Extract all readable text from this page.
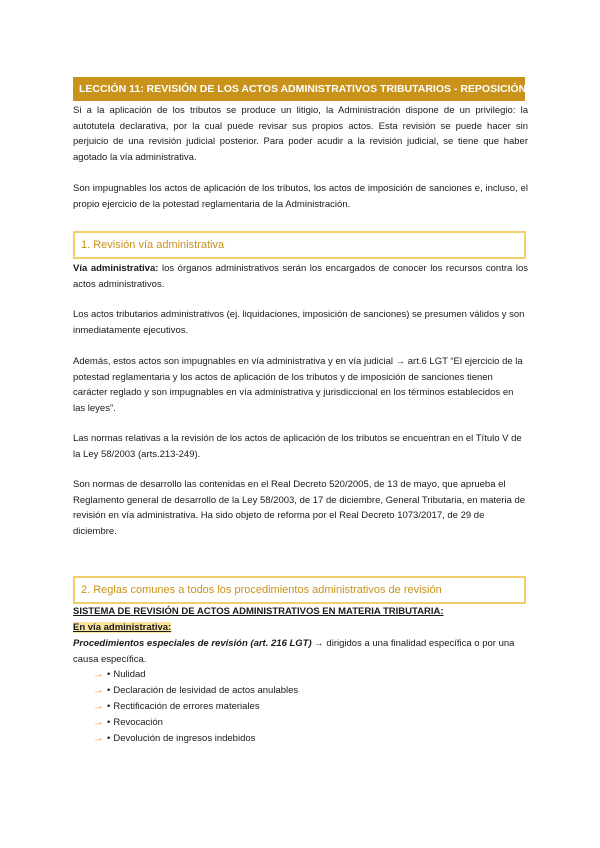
LECCIÓN 11: REVISIÓN DE LOS ACTOS ADMINISTRATIVOS TRIBUTARIOS - REPOSICIÓN

Si a la aplicación de los tributos se produce un litigio, la Administración dispone de un privilegio: la autotutela declarativa, por la cual puede revisar sus propios actos. Esta revisión se puede hacer sin perjuicio de una revisión judicial posterior. Para poder acudir a la revisión judicial, se tiene que haber agotado la vía administrativa.

Son impugnables los actos de aplicación de los tributos, los actos de imposición de sanciones e, incluso, el propio ejercicio de la potestad reglamentaria de la Administración.

1. Revisión vía administrativa

Vía administrativa: los órganos administrativos serán los encargados de conocer los recursos contra los actos administrativos.

Los actos tributarios administrativos (ej. liquidaciones, imposición de sanciones) se presumen válidos y son inmediatamente ejecutivos.

Además, estos actos son impugnables en vía administrativa y en vía judicial → art.6 LGT “El ejercicio de la potestad reglamentaria y los actos de aplicación de los tributos y de imposición de sanciones tienen carácter reglado y son impugnables en vía administrativa y jurisdiccional en los términos establecidos en las leyes”.

Las normas relativas a la revisión de los actos de aplicación de los tributos se encuentran en el Título V de la Ley 58/2003 (arts.213-249).

Son normas de desarrollo las contenidas en el Real Decreto 520/2005, de 13 de mayo, que aprueba el Reglamento general de desarrollo de la Ley 58/2003, de 17 de diciembre, General Tributaria, en materia de revisión en vía administrativa. Ha sido objeto de reforma por el Real Decreto 1073/2017, de 29 de diciembre.

2. Reglas comunes a todos los procedimientos administrativos de revisión

SISTEMA DE REVISIÓN DE ACTOS ADMINISTRATIVOS EN MATERIA TRIBUTARIA:

En vía administrativa:

Procedimientos especiales de revisión (art. 216 LGT) → dirigidos a una finalidad específica o por una causa específica.

→ • Nulidad
→ • Declaración de lesividad de actos anulables
→ • Rectificación de errores materiales
→ • Revocación
→ • Devolución de ingresos indebidos
